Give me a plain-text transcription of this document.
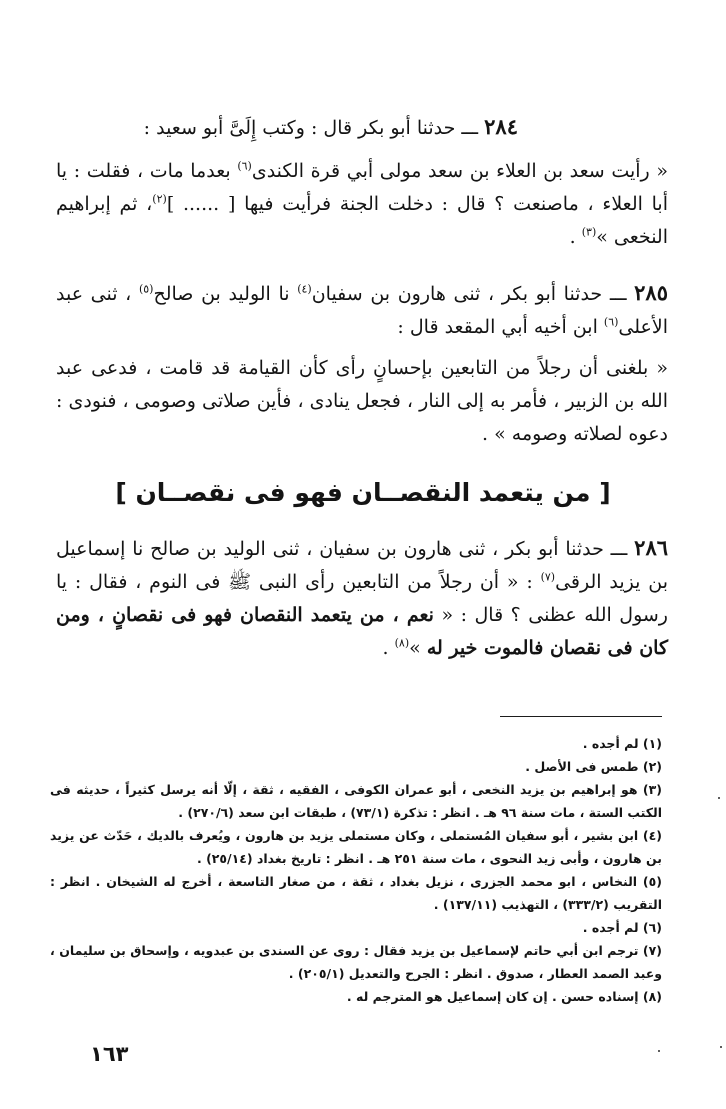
٢٨٤ ـــ حدثنا أبو بكر قال : وكتب إِلَىَّ أبو سعيد :
« رأيت سعد بن العلاء بن سعد مولى أبي قرة الكندى$^{(٦)}$ بعدما مات ، فقلت : يا أبا العلاء ، ماصنعت ؟ قال : دخلت الجنة فرأيت فيها [ ...... ]$^{(٢)}$، ثم إبراهيم النخعى »$^{(٣)}$ .
٢٨٥ ـــ حدثنا أبو بكر ، ثنى هارون بن سفيان$^{(٤)}$ نا الوليد بن صالح$^{(٥)}$ ، ثنى عبد الأعلى$^{(٦)}$ ابن أخيه أبي المقعد قال :
« بلغنى أن رجلاً من التابعين بإحسانٍ رأى كأن القيامة قد قامت ، فدعى عبد الله بن الزبير ، فأمر به إلى النار ، فجعل ينادى ، فأين صلاتى وصومى ، فنودى : دعوه لصلاته وصومه » .
[ من يتعمد النقصــان فهو فى نقصــان ]
٢٨٦ ـــ حدثنا أبو بكر ، ثنى هارون بن سفيان ، ثنى الوليد بن صالح نا إسماعيل بن يزيد الرقى$^{(٧)}$ : « أن رجلاً من التابعين رأى النبى ﷺ فى النوم ، فقال : يا رسول الله عظنى ؟ قال : « نعم ، من يتعمد النقصان فهو فى نقصانٍ ، ومن كان فى نقصان فالموت خير له »$^{(٨)}$ .
(١) لم أجده .
(٢) طمس فى الأصل .
(٣) هو إبراهيم بن يزيد النخعى ، أبو عمران الكوفى ، الفقيه ، ثقة ، إلّا أنه يرسل كثيراً ، حديثه فى الكتب الستة ، مات سنة ٩٦ هـ . انظر : تذكرة (٧٣/١) ، طبقات ابن سعد (٢٧٠/٦) .
(٤) ابن بشير ، أبو سفيان المُستملى ، وكان مستملى يزيد بن هارون ، ويُعرف بالديك ، حَدّث عن يزيد بن هارون ، وأبى زيد النحوى ، مات سنة ٢٥١ هـ . انظر : تاريخ بغداد (٢٥/١٤) .
(٥) النخاس ، ابو محمد الجزرى ، نزيل بغداد ، ثقة ، من صغار التاسعة ، أخرج له الشيخان . انظر : التقريب (٣٣٣/٢) ، التهذيب (١٣٧/١١) .
(٦) لم أجده .
(٧) ترجم ابن أبي حاتم لإسماعيل بن يزيد فقال : روى عن السندى بن عبدويه ، وإسحاق بن سليمان ، وعبد الصمد العطار ، صدوق . انظر : الجرح والتعديل (٢٠٥/١) .
(٨) إسناده حسن . إن كان إسماعيل هو المترجم له .
١٦٣
